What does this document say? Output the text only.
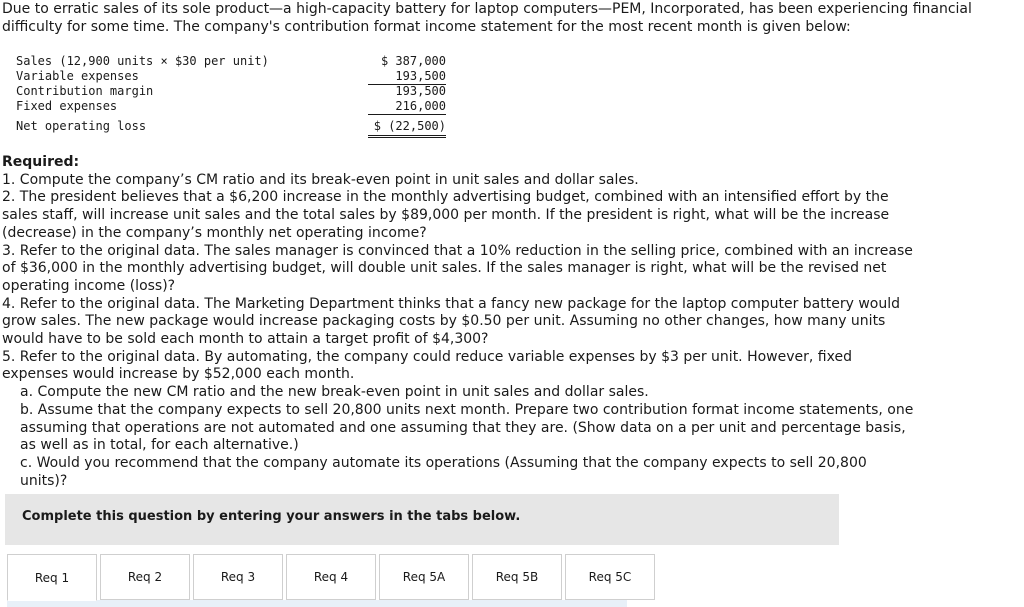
Due to erratic sales of its sole product—a high-capacity battery for laptop computers—PEM, Incorporated, has been experiencing financial difficulty for some time. The company's contribution format income statement for the most recent month is given below:
Sales (12,900 units × $30 per unit)	$ 387,000
Variable expenses	193,500
Contribution margin	193,500
Fixed expenses	216,000
Net operating loss	$ (22,500)
Required:

1. Compute the company’s CM ratio and its break-even point in unit sales and dollar sales.

2. The president believes that a $6,200 increase in the monthly advertising budget, combined with an intensified effort by the sales staff, will increase unit sales and the total sales by $89,000 per month. If the president is right, what will be the increase (decrease) in the company’s monthly net operating income?

3. Refer to the original data. The sales manager is convinced that a 10% reduction in the selling price, combined with an increase of $36,000 in the monthly advertising budget, will double unit sales. If the sales manager is right, what will be the revised net operating income (loss)?

4. Refer to the original data. The Marketing Department thinks that a fancy new package for the laptop computer battery would grow sales. The new package would increase packaging costs by $0.50 per unit. Assuming no other changes, how many units would have to be sold each month to attain a target profit of $4,300?

5. Refer to the original data. By automating, the company could reduce variable expenses by $3 per unit. However, fixed expenses would increase by $52,000 each month.

a. Compute the new CM ratio and the new break-even point in unit sales and dollar sales.

b. Assume that the company expects to sell 20,800 units next month. Prepare two contribution format income statements, one assuming that operations are not automated and one assuming that they are. (Show data on a per unit and percentage basis, as well as in total, for each alternative.)

c. Would you recommend that the company automate its operations (Assuming that the company expects to sell 20,800 units)?

Complete this question by entering your answers in the tabs below.
Req 1	Req 2	Req 3	Req 4	Req 5A	Req 5B	Req 5C
